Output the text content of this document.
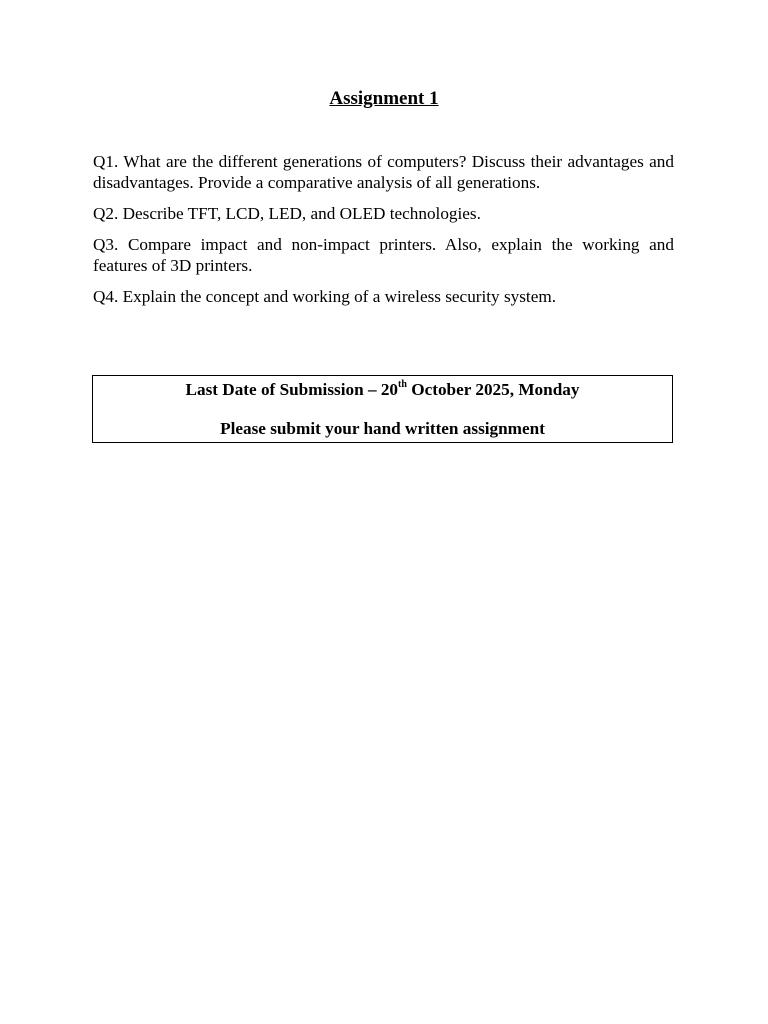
Assignment 1

Q1. What are the different generations of computers? Discuss their advantages and disadvantages. Provide a comparative analysis of all generations.

Q2. Describe TFT, LCD, LED, and OLED technologies.

Q3. Compare impact and non-impact printers. Also, explain the working and features of 3D printers.

Q4. Explain the concept and working of a wireless security system.

Last Date of Submission – 20th October 2025, Monday
Please submit your hand written assignment
